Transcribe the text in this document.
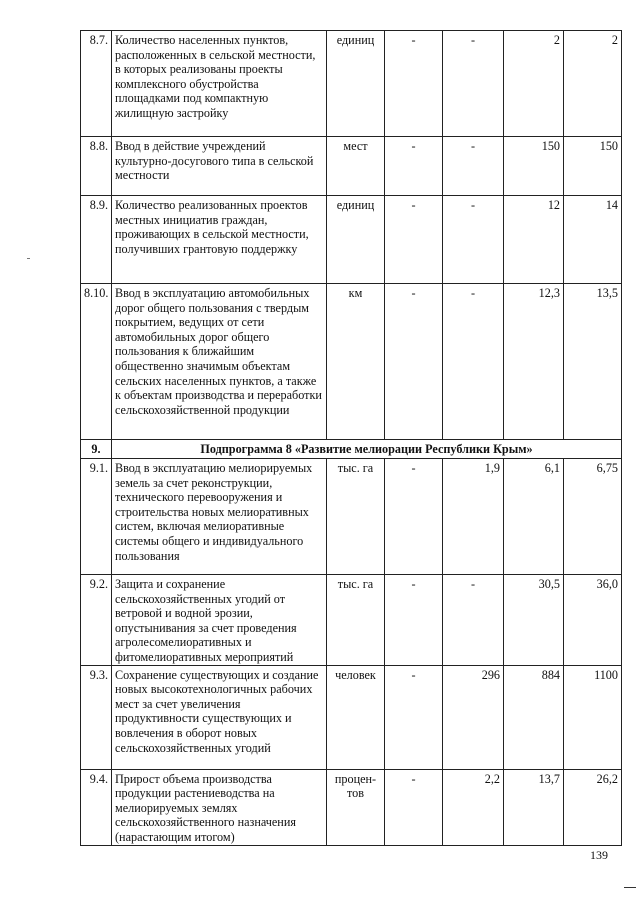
8.7.	Количество населенных пунктов, расположенных в сельской местности, в которых реализованы проекты комплексного обустройства площадками под компактную жилищную застройку	единиц	-	-	2	2
8.8.	Ввод в действие учреждений культурно-досугового типа в сельской местности	мест	-	-	150	150
8.9.	Количество реализованных проектов местных инициатив граждан, проживающих в сельской местности, получивших грантовую поддержку	единиц	-	-	12	14
8.10.	Ввод в эксплуатацию автомобильных дорог общего пользования с твердым покрытием, ведущих от сети автомобильных дорог общего пользования к ближайшим общественно значимым объектам сельских населенных пунктов, а также к объектам производства и переработки сельскохозяйственной продукции	км	-	-	12,3	13,5
9.	Подпрограмма 8 «Развитие мелиорации Республики Крым»					
9.1.	Ввод в эксплуатацию мелиорируемых земель за счет реконструкции, технического перевооружения и строительства новых мелиоративных систем, включая мелиоративные системы общего и индивидуального пользования	тыс. га	-	1,9	6,1	6,75
9.2.	Защита и сохранение сельскохозяйственных угодий от ветровой и водной эрозии, опустынивания за счет проведения агролесомелиоративных и фитомелиоративных мероприятий	тыс. га	-	-	30,5	36,0
9.3.	Сохранение существующих и создание новых высокотехнологичных рабочих мест за счет увеличения продуктивности существующих и вовлечения в оборот новых сельскохозяйственных угодий	человек	-	296	884	1100
9.4.	Прирост объема производства продукции растениеводства на мелиорируемых землях сельскохозяйственного назначения (нарастающим итогом)	процен-тов	-	2,2	13,7	26,2
139
